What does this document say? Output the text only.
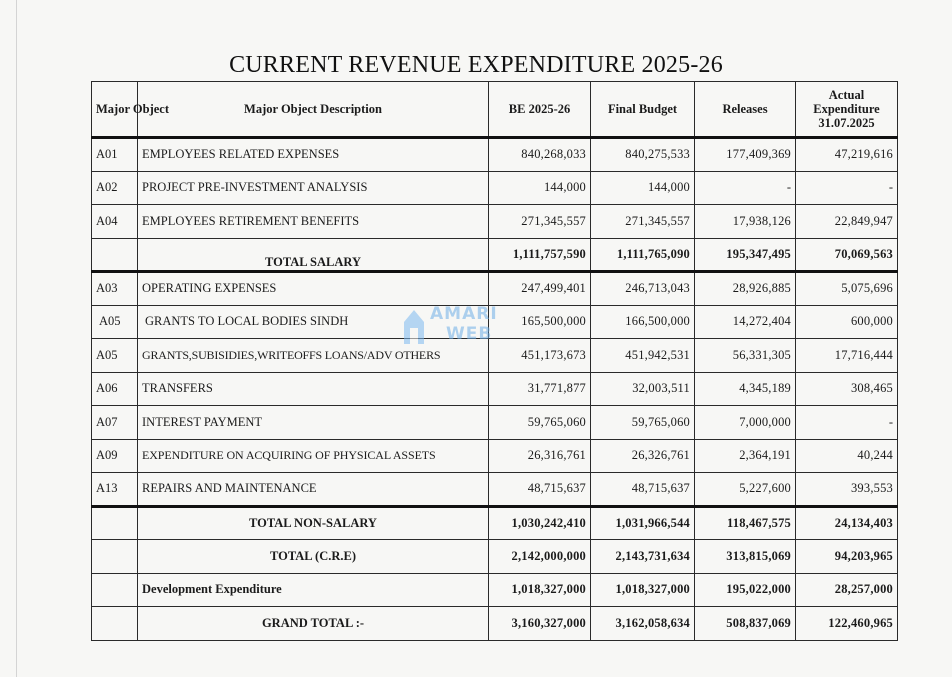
CURRENT REVENUE EXPENDITURE 2025-26
Major Object	Major Object Description	BE 2025-26	Final Budget	Releases	Actual Expenditure 31.07.2025
A01	EMPLOYEES RELATED EXPENSES	840,268,033	840,275,533	177,409,369	47,219,616
A02	PROJECT PRE-INVESTMENT ANALYSIS	144,000	144,000	-	-
A04	EMPLOYEES RETIREMENT BENEFITS	271,345,557	271,345,557	17,938,126	22,849,947
	TOTAL SALARY	1,111,757,590	1,111,765,090	195,347,495	70,069,563
A03	OPERATING EXPENSES	247,499,401	246,713,043	28,926,885	5,075,696
A05	GRANTS TO LOCAL BODIES SINDH	165,500,000	166,500,000	14,272,404	600,000
A05	GRANTS,SUBISIDIES,WRITEOFFS LOANS/ADV OTHERS	451,173,673	451,942,531	56,331,305	17,716,444
A06	TRANSFERS	31,771,877	32,003,511	4,345,189	308,465
A07	INTEREST PAYMENT	59,765,060	59,765,060	7,000,000	-
A09	EXPENDITURE ON ACQUIRING OF PHYSICAL ASSETS	26,316,761	26,326,761	2,364,191	40,244
A13	REPAIRS AND MAINTENANCE	48,715,637	48,715,637	5,227,600	393,553
	TOTAL NON-SALARY	1,030,242,410	1,031,966,544	118,467,575	24,134,403
	TOTAL (C.R.E)	2,142,000,000	2,143,731,634	313,815,069	94,203,965
	Development Expenditure	1,018,327,000	1,018,327,000	195,022,000	28,257,000
	GRAND TOTAL :-	3,160,327,000	3,162,058,634	508,837,069	122,460,965
AMARI
WEB
